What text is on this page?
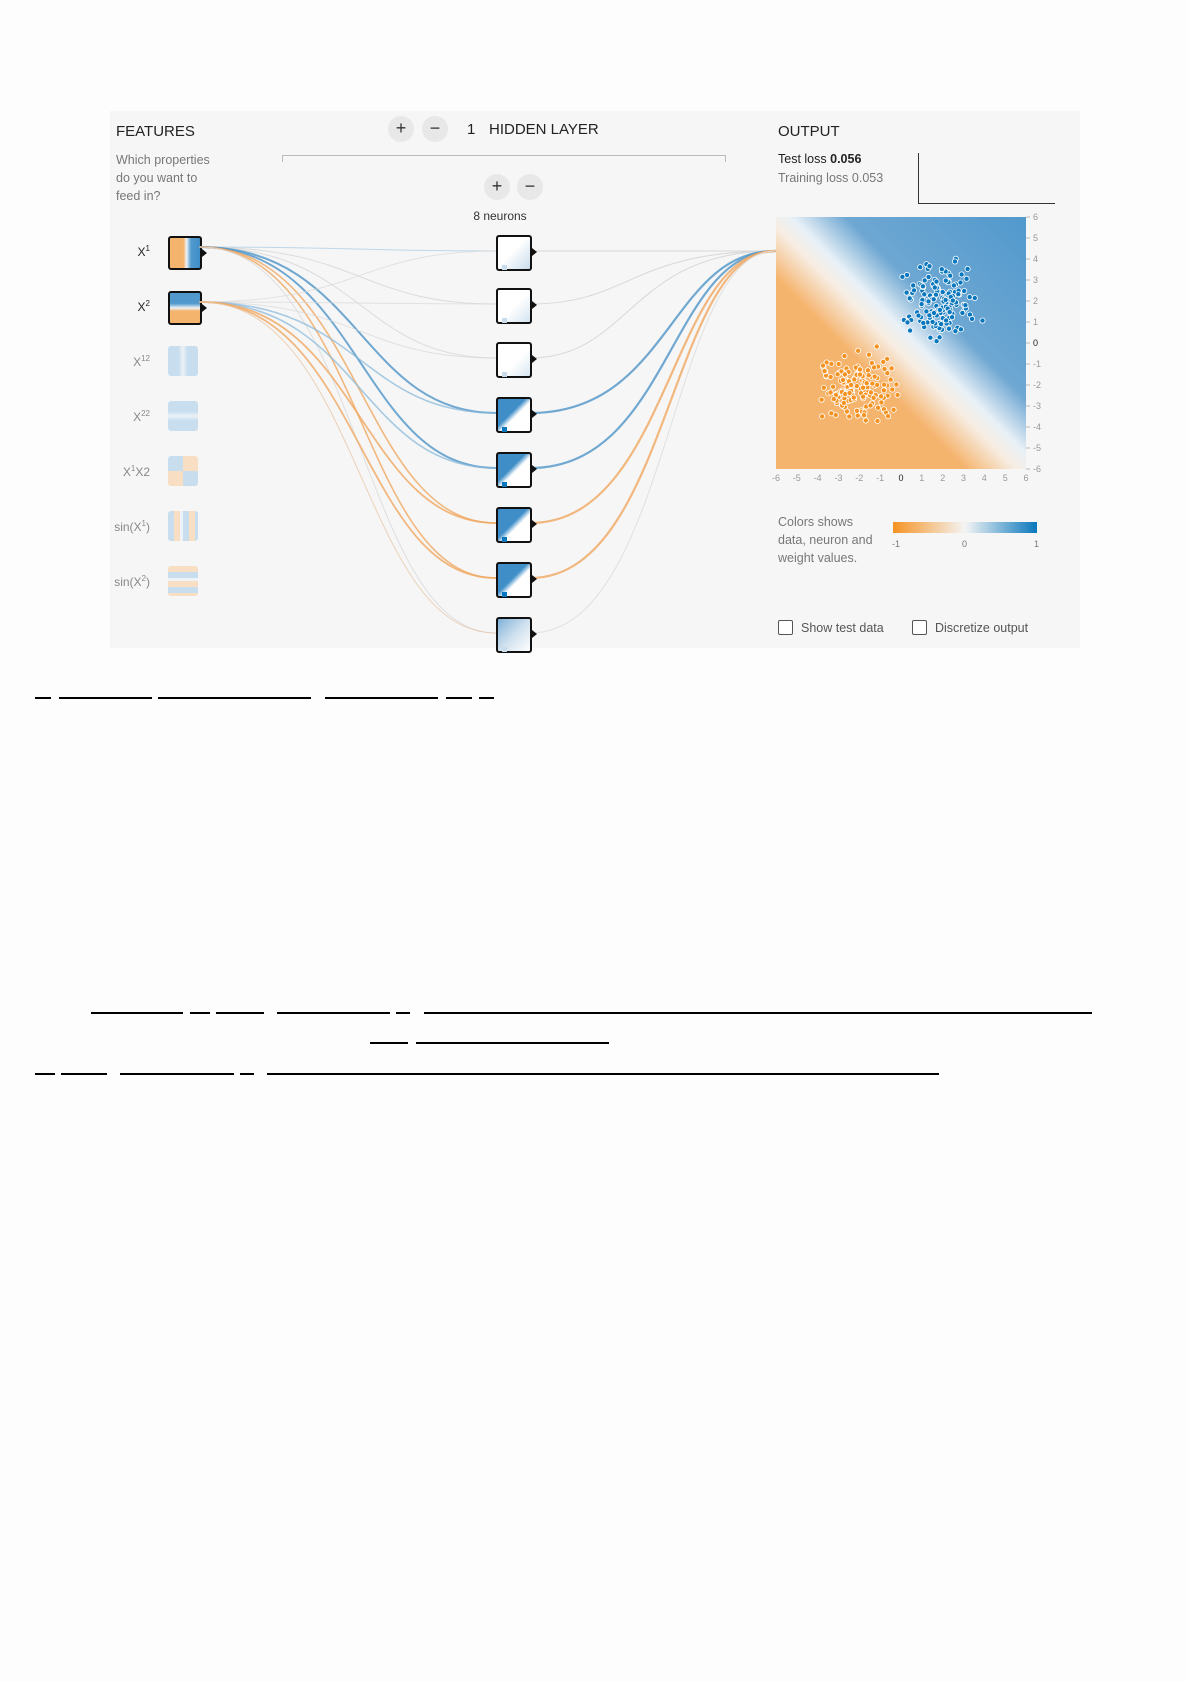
FEATURES
Which properties
do you want to
feed in?
$X^1$
$X^2$
$X^{12}$
$X^{22}$
$X^1X2$
$\sin(X^1)$
$\sin(X^2)$
+	−	1 HIDDEN LAYER
+	−
8 neurons
OUTPUT
Test loss 0.056
Training loss 0.053
6
5
4
3
2
1
0
-1
-2
-3
-4
-5
-6
-6 -5 -4 -3 -2 -1 0 1 2 3 4 5 6
Colors shows
data, neuron and
weight values.
-1	0	1
Show test data	Discretize output
